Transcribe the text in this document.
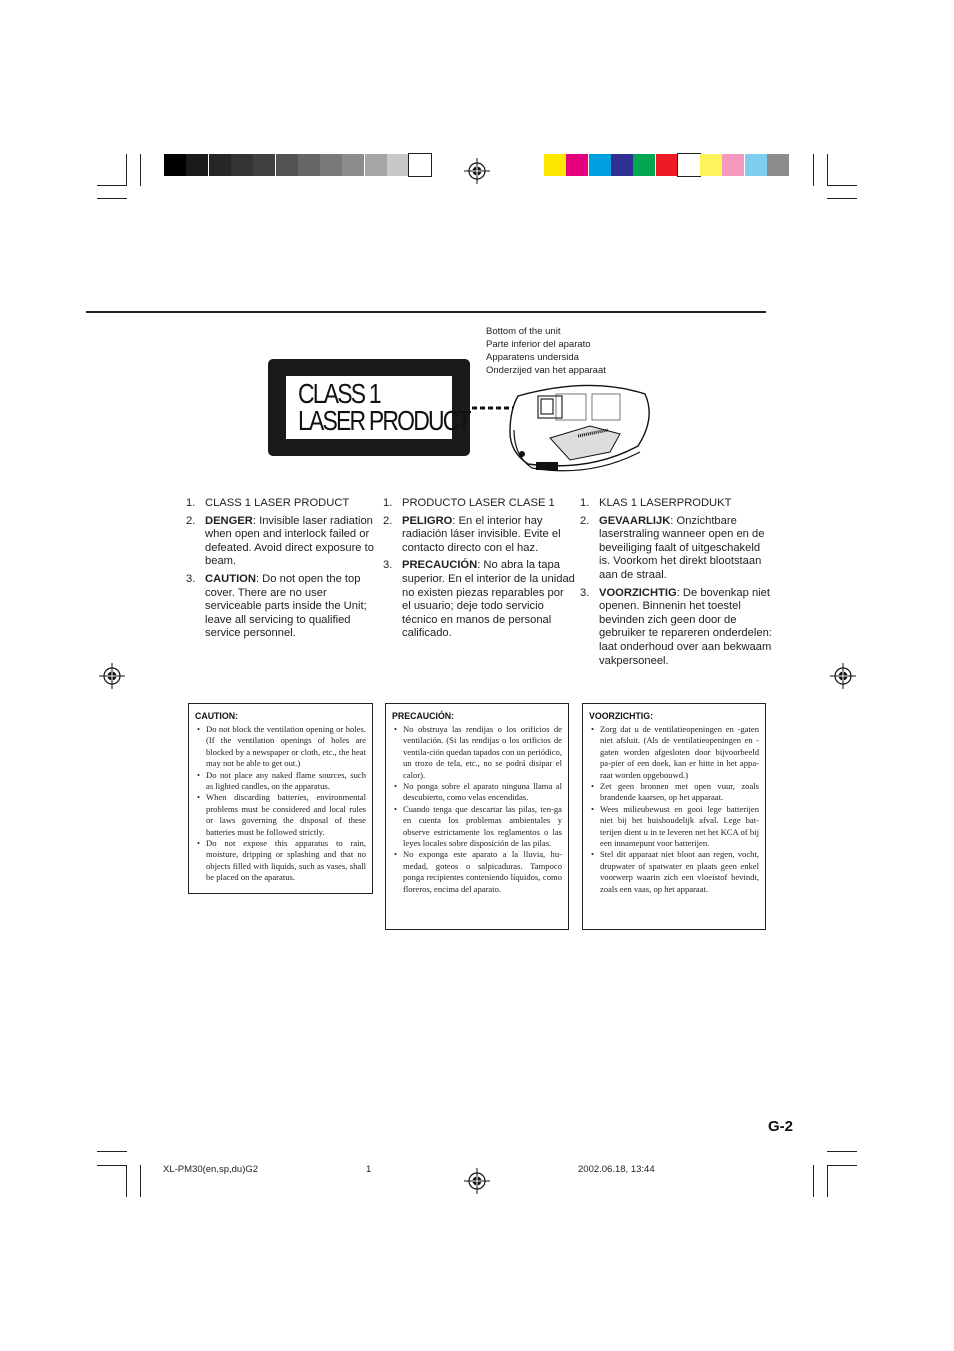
CLASS 1
LASER PRODUCT
Bottom of the unit
Parte inferior del aparato
Apparatens undersida
Onderzijed van het apparaat
1. CLASS 1 LASER PRODUCT
2. DENGER: Invisible laser radiation when open and interlock failed or defeated. Avoid direct exposure to beam.
3. CAUTION: Do not open the top cover. There are no user serviceable parts inside the Unit; leave all servicing to qualified service personnel.
1. PRODUCTO LASER CLASE 1
2. PELIGRO: En el interior hay radiación láser invisible. Evite el contacto directo con el haz.
3. PRECAUCIÓN: No abra la tapa superior. En el interior de la unidad no existen piezas reparables por el usuario; deje todo servicio técnico en manos de personal calificado.
1. KLAS 1 LASERPRODUKT
2. GEVAARLIJK: Onzichtbare laserstraling wanneer open en de beveiliging faalt of uitgeschakeld is. Voorkom het direkt blootstaan aan de straal.
3. VOORZICHTIG: De bovenkap niet openen. Binnenin het toestel bevinden zich geen door de gebruiker te repareren onderdelen: laat onderhoud over aan bekwaam vakpersoneel.
CAUTION:
• Do not block the ventilation opening or holes. (If the ventilation openings of holes are blocked by a newspaper or cloth, etc., the heat may not be able to get out.)
• Do not place any naked flame sources, such as lighted candles, on the apparatus.
• When discarding batteries, environmental problems must be considered and local rules or laws governing the disposal of these batteries must be followed strictly.
• Do not expose this apparatus to rain, moisture, dripping or splashing and that no objects filled with liquids, such as vases, shall be placed on the aparatus.
PRECAUCIÓN:
• No obstruya las rendijas o los orificios de ventilación. (Si las rendijas o los orificios de ventila-ción quedan tapados con un periódico, un trozo de tela, etc., no se podrá disipar el calor).
• No ponga sobre el aparato ninguna llama al descubierto, como velas encendidas.
• Cuando tenga que descartar las pilas, ten-ga en cuenta los problemas ambientales y observe estrictamente los reglamentos o las leyes locales sobre disposición de las pilas.
• No exponga este aparato a la lluvia, hu-medad, goteos o salpicaduras. Tampoco ponga recipientes conteniendo líquidos, como floreros, encima del aparato.
VOORZICHTIG:
• Zorg dat u de ventilatieopeningen en -gaten niet afsluit. (Als de ventilatieopeningen en -gaten worden afgesloten door bijvoorbeeld pa-pier of een doek, kan er hitte in het appa-raat worden opgebouwd.)
• Zet geen bronnen met open vuur, zoals brandende kaarsen, op het apparaat.
• Wees milieubewust en gooi lege batterijen niet bij het huishoudelijk afval. Lege bat-terijen dient u in te leveren net het KCA of bij een innamepunt voor batterijen.
• Stel dit apparaat niet bloot aan regen, vocht, drupwater of spatwater en plaats geen enkel voorwerp waarin zich een vloeistof bevindt, zoals een vaas, op het apparaat.
G-2
XL-PM30(en,sp,du)G2	1	2002.06.18, 13:44
